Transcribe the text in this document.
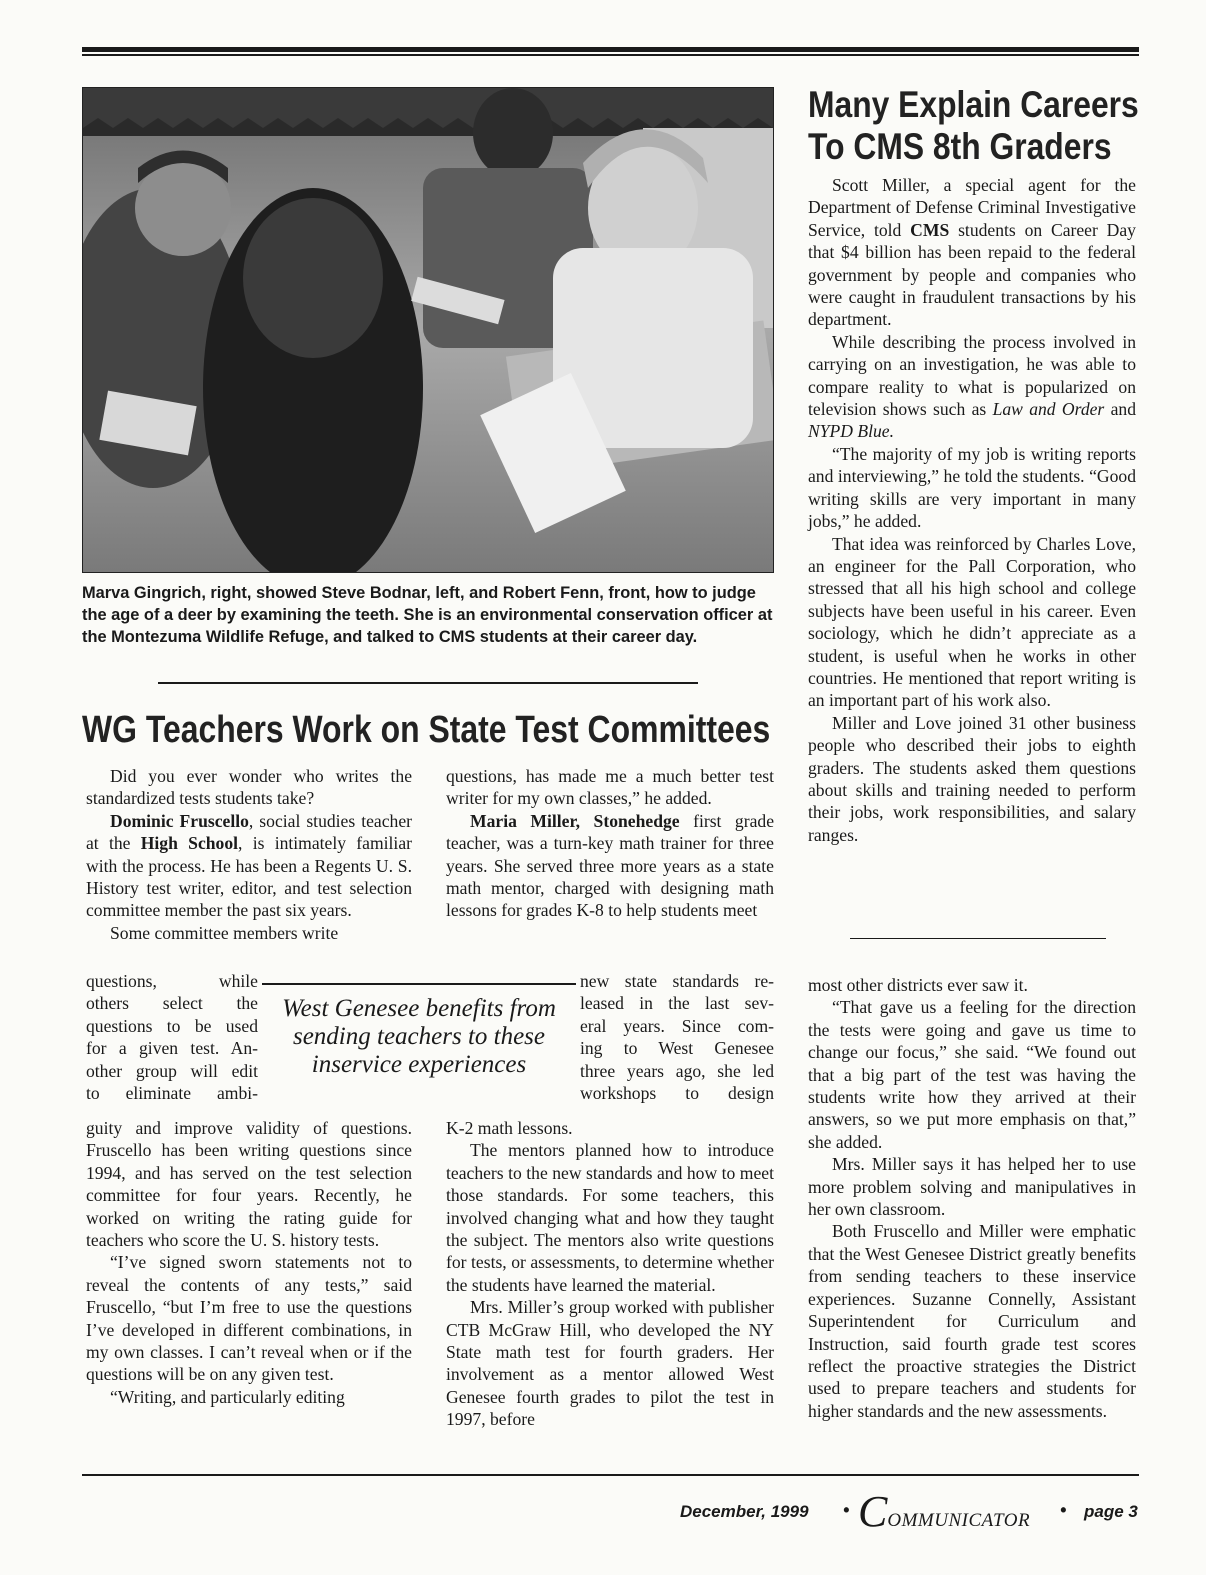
Marva Gingrich, right, showed Steve Bodnar, left, and Robert Fenn, front, how to judge the age of a deer by examining the teeth. She is an environmental conservation officer at the Montezuma Wildlife Refuge, and talked to CMS students at their career day.
Many Explain Careers
To CMS 8th Graders

Scott Miller, a special agent for the Department of Defense Criminal Investigative Service, told CMS students on Career Day that $4 billion has been repaid to the federal government by people and companies who were caught in fraudulent transactions by his department.

While describing the process involved in carrying on an investigation, he was able to compare reality to what is popularized on television shows such as Law and Order and NYPD Blue.

“The majority of my job is writing reports and interviewing,” he told the students. “Good writing skills are very important in many jobs,” he added.

That idea was reinforced by Charles Love, an engineer for the Pall Corporation, who stressed that all his high school and college subjects have been useful in his career. Even sociology, which he didn’t appreciate as a student, is useful when he works in other countries. He mentioned that report writing is an important part of his work also.

Miller and Love joined 31 other business people who described their jobs to eighth graders. The students asked them questions about skills and training needed to perform their jobs, work responsibilities, and salary ranges.

WG Teachers Work on State Test Committees

Did you ever wonder who writes the standardized tests students take?

Dominic Fruscello, social studies teacher at the High School, is intimately familiar with the process. He has been a Regents U. S. History test writer, editor, and test selection committee member the past six years.

Some committee members write

questions, while
others select the
questions to be used
for a given test. An-
other group will edit
to eliminate ambi-

guity and improve validity of questions. Fruscello has been writing questions since 1994, and has served on the test selection committee for four years. Recently, he worked on writing the rating guide for teachers who score the U. S. history tests.

“I’ve signed sworn statements not to reveal the contents of any tests,” said Fruscello, “but I’m free to use the questions I’ve developed in different combinations, in my own classes. I can’t reveal when or if the questions will be on any given test.

“Writing, and particularly editing

questions, has made me a much better test writer for my own classes,” he added.

Maria Miller, Stonehedge first grade teacher, was a turn-key math trainer for three years. She served three more years as a state math mentor, charged with designing math lessons for grades K-8 to help students meet

new state standards re-
leased in the last sev-
eral years. Since com-
ing to West Genesee
three years ago, she led
workshops to design
West Genesee benefits from
sending teachers to these
inservice experiences

K-2 math lessons.

The mentors planned how to introduce teachers to the new standards and how to meet those standards. For some teachers, this involved changing what and how they taught the subject. The mentors also write questions for tests, or assessments, to determine whether the students have learned the material.

Mrs. Miller’s group worked with publisher CTB McGraw Hill, who developed the NY State math test for fourth graders. Her involvement as a mentor allowed West Genesee fourth grades to pilot the test in 1997, before

most other districts ever saw it.

“That gave us a feeling for the direction the tests were going and gave us time to change our focus,” she said. “We found out that a big part of the test was having the students write how they arrived at their answers, so we put more emphasis on that,” she added.

Mrs. Miller says it has helped her to use more problem solving and manipulatives in her own classroom.

Both Fruscello and Miller were emphatic that the West Genesee District greatly benefits from sending teachers to these inservice experiences. Suzanne Connelly, Assistant Superintendent for Curriculum and Instruction, said fourth grade test scores reflect the proactive strategies the District used to prepare teachers and students for higher standards and the new assessments.

December, 1999 • COMMUNICATOR • page 3
